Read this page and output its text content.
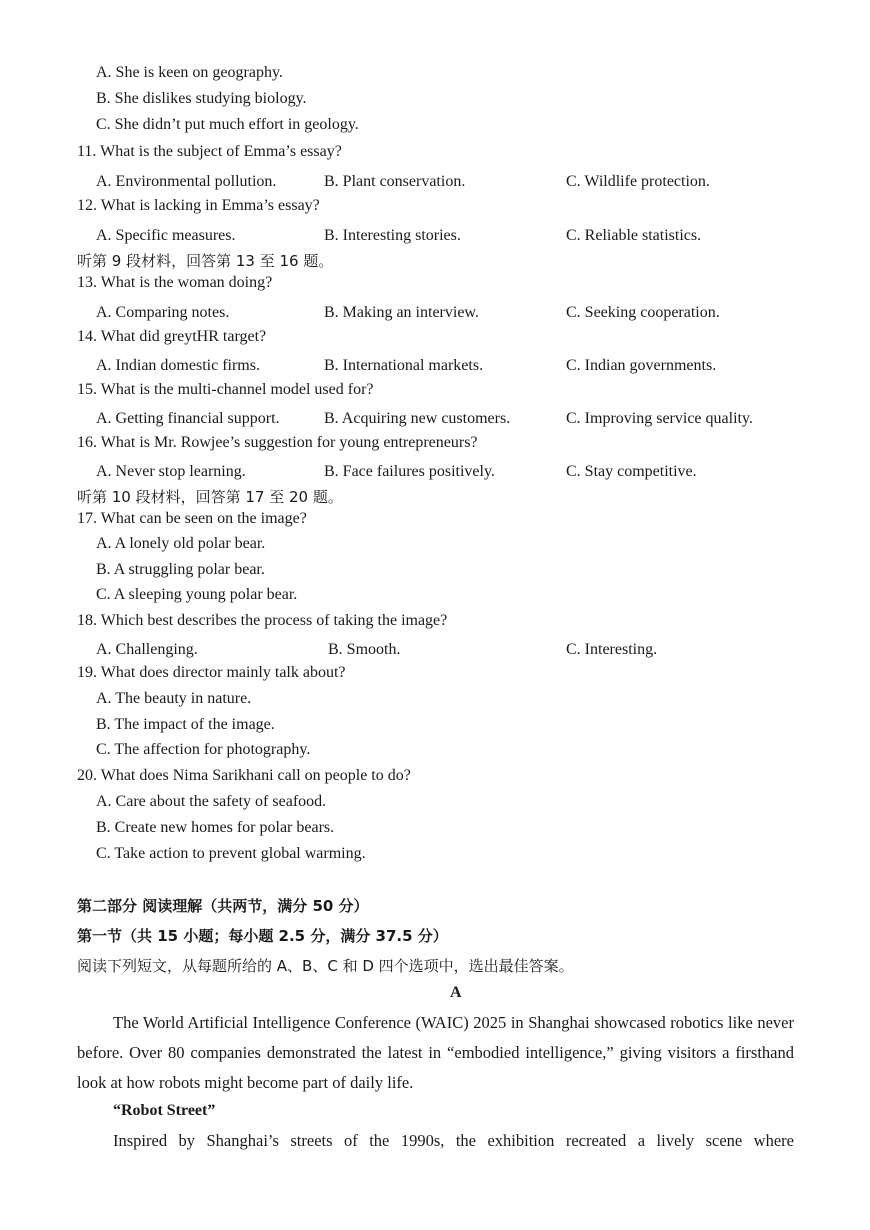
A. She is keen on geography.
B. She dislikes studying biology.
C. She didn’t put much effort in geology.
11. What is the subject of Emma’s essay?
A. Environmental pollution.	B. Plant conservation.	C. Wildlife protection.
12. What is lacking in Emma’s essay?
A. Specific measures.	B. Interesting stories.	C. Reliable statistics.
听第 9 段材料，回答第 13 至 16 题。
13. What is the woman doing?
A. Comparing notes.	B. Making an interview.	C. Seeking cooperation.
14. What did greytHR target?
A. Indian domestic firms.	B. International markets.	C. Indian governments.
15. What is the multi-channel model used for?
A. Getting financial support.	B. Acquiring new customers.	C. Improving service quality.
16. What is Mr. Rowjee’s suggestion for young entrepreneurs?
A. Never stop learning.	B. Face failures positively.	C. Stay competitive.
听第 10 段材料，回答第 17 至 20 题。
17. What can be seen on the image?
A. A lonely old polar bear.
B. A struggling polar bear.
C. A sleeping young polar bear.
18. Which best describes the process of taking the image?
A. Challenging.	B. Smooth.	C. Interesting.
19. What does director mainly talk about?
A. The beauty in nature.
B. The impact of the image.
C. The affection for photography.
20. What does Nima Sarikhani call on people to do?
A. Care about the safety of seafood.
B. Create new homes for polar bears.
C. Take action to prevent global warming.
第二部分 阅读理解（共两节，满分 50 分）
第一节（共 15 小题；每小题 2.5 分，满分 37.5 分）
阅读下列短文，从每题所给的 A、B、C 和 D 四个选项中，选出最佳答案。
A

The World Artificial Intelligence Conference (WAIC) 2025 in Shanghai showcased robotics like never before. Over 80 companies demonstrated the latest in “embodied intelligence,” giving visitors a firsthand look at how robots might become part of daily life.

“Robot Street”

Inspired by Shanghai’s streets of the 1990s, the exhibition recreated a lively scene where
